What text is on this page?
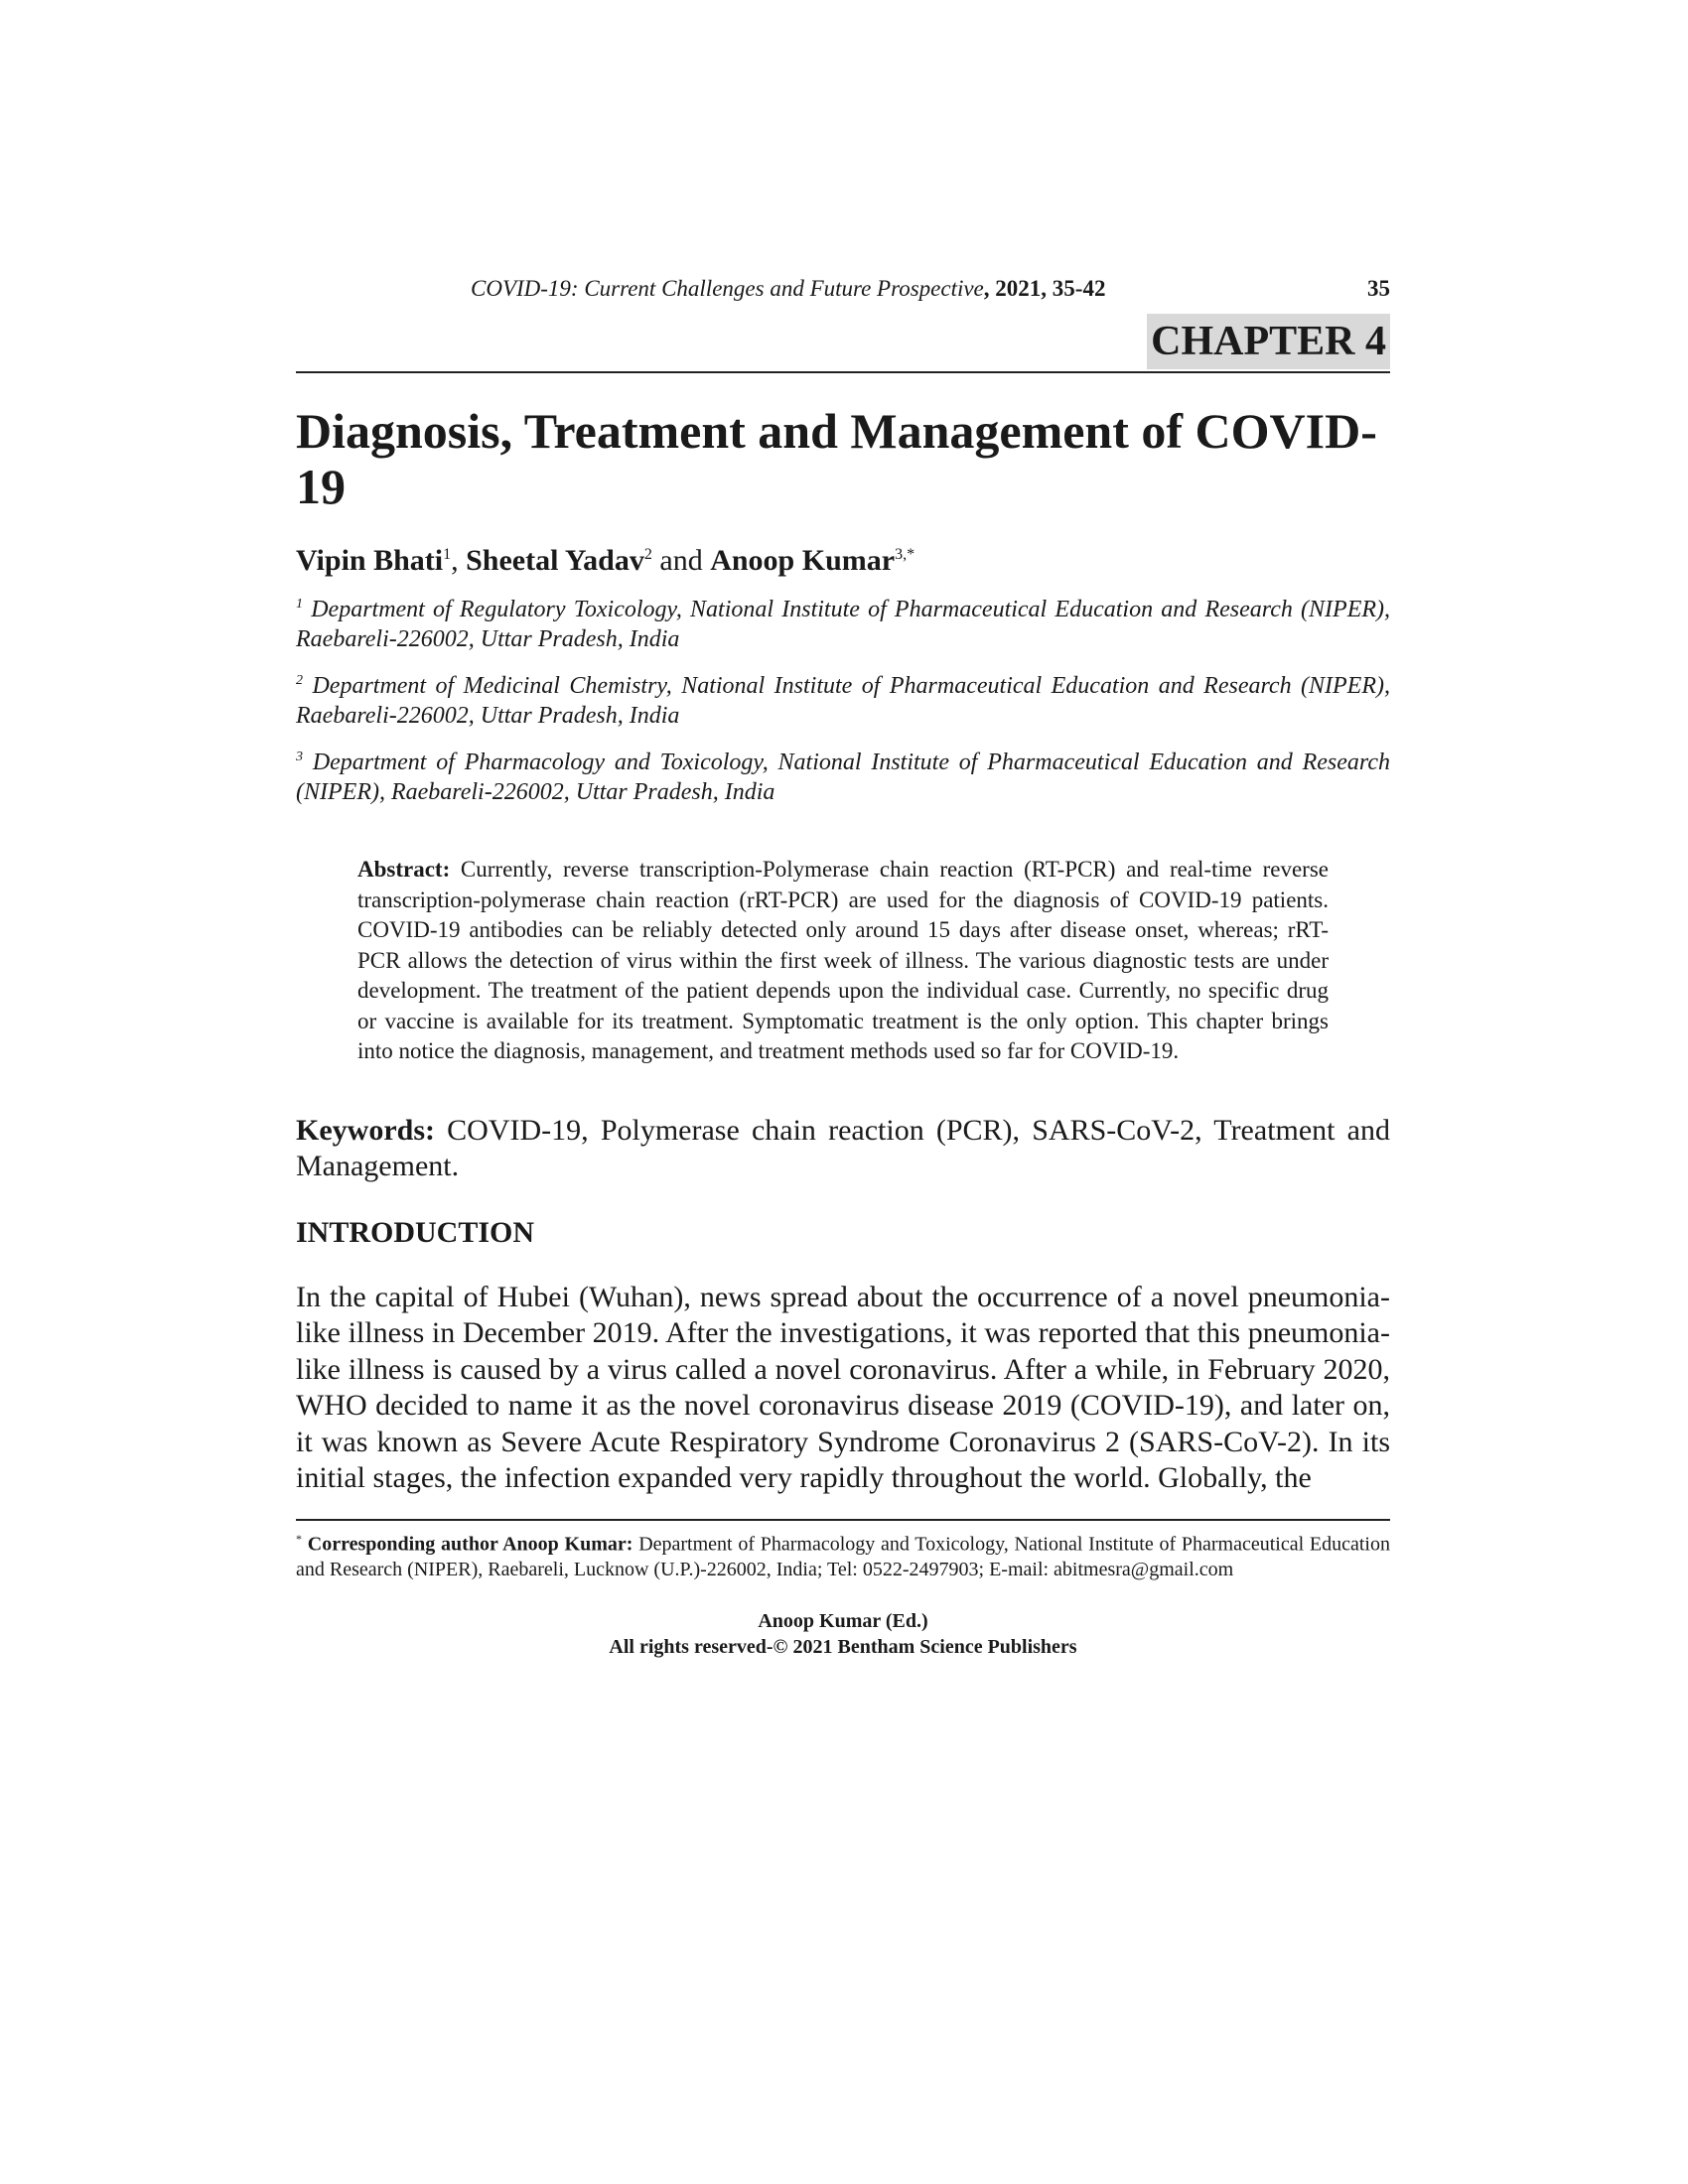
COVID-19: Current Challenges and Future Prospective, 2021, 35-42	35
CHAPTER 4
Diagnosis, Treatment and Management of COVID-19
Vipin Bhati$^1$, Sheetal Yadav$^2$ and Anoop Kumar$^{3,*}$
$^1$ Department of Regulatory Toxicology, National Institute of Pharmaceutical Education and Research (NIPER), Raebareli-226002, Uttar Pradesh, India
$^2$ Department of Medicinal Chemistry, National Institute of Pharmaceutical Education and Research (NIPER), Raebareli-226002, Uttar Pradesh, India
$^3$ Department of Pharmacology and Toxicology, National Institute of Pharmaceutical Education and Research (NIPER), Raebareli-226002, Uttar Pradesh, India
Abstract: Currently, reverse transcription-Polymerase chain reaction (RT-PCR) and real-time reverse transcription-polymerase chain reaction (rRT-PCR) are used for the diagnosis of COVID-19 patients. COVID-19 antibodies can be reliably detected only around 15 days after disease onset, whereas; rRT-PCR allows the detection of virus within the first week of illness. The various diagnostic tests are under development. The treatment of the patient depends upon the individual case. Currently, no specific drug or vaccine is available for its treatment. Symptomatic treatment is the only option. This chapter brings into notice the diagnosis, management, and treatment methods used so far for COVID-19.
Keywords: COVID-19, Polymerase chain reaction (PCR), SARS-CoV-2, Treatment and Management.
INTRODUCTION
In the capital of Hubei (Wuhan), news spread about the occurrence of a novel pneumonia-like illness in December 2019. After the investigations, it was reported that this pneumonia-like illness is caused by a virus called a novel coronavirus. After a while, in February 2020, WHO decided to name it as the novel coronavirus disease 2019 (COVID-19), and later on, it was known as Severe Acute Respiratory Syndrome Coronavirus 2 (SARS-CoV-2). In its initial stages, the infection expanded very rapidly throughout the world. Globally, the
* Corresponding author Anoop Kumar: Department of Pharmacology and Toxicology, National Institute of Pharmaceutical Education and Research (NIPER), Raebareli, Lucknow (U.P.)-226002, India; Tel: 0522-2497903; E-mail: abitmesra@gmail.com
Anoop Kumar (Ed.)
All rights reserved-© 2021 Bentham Science Publishers
